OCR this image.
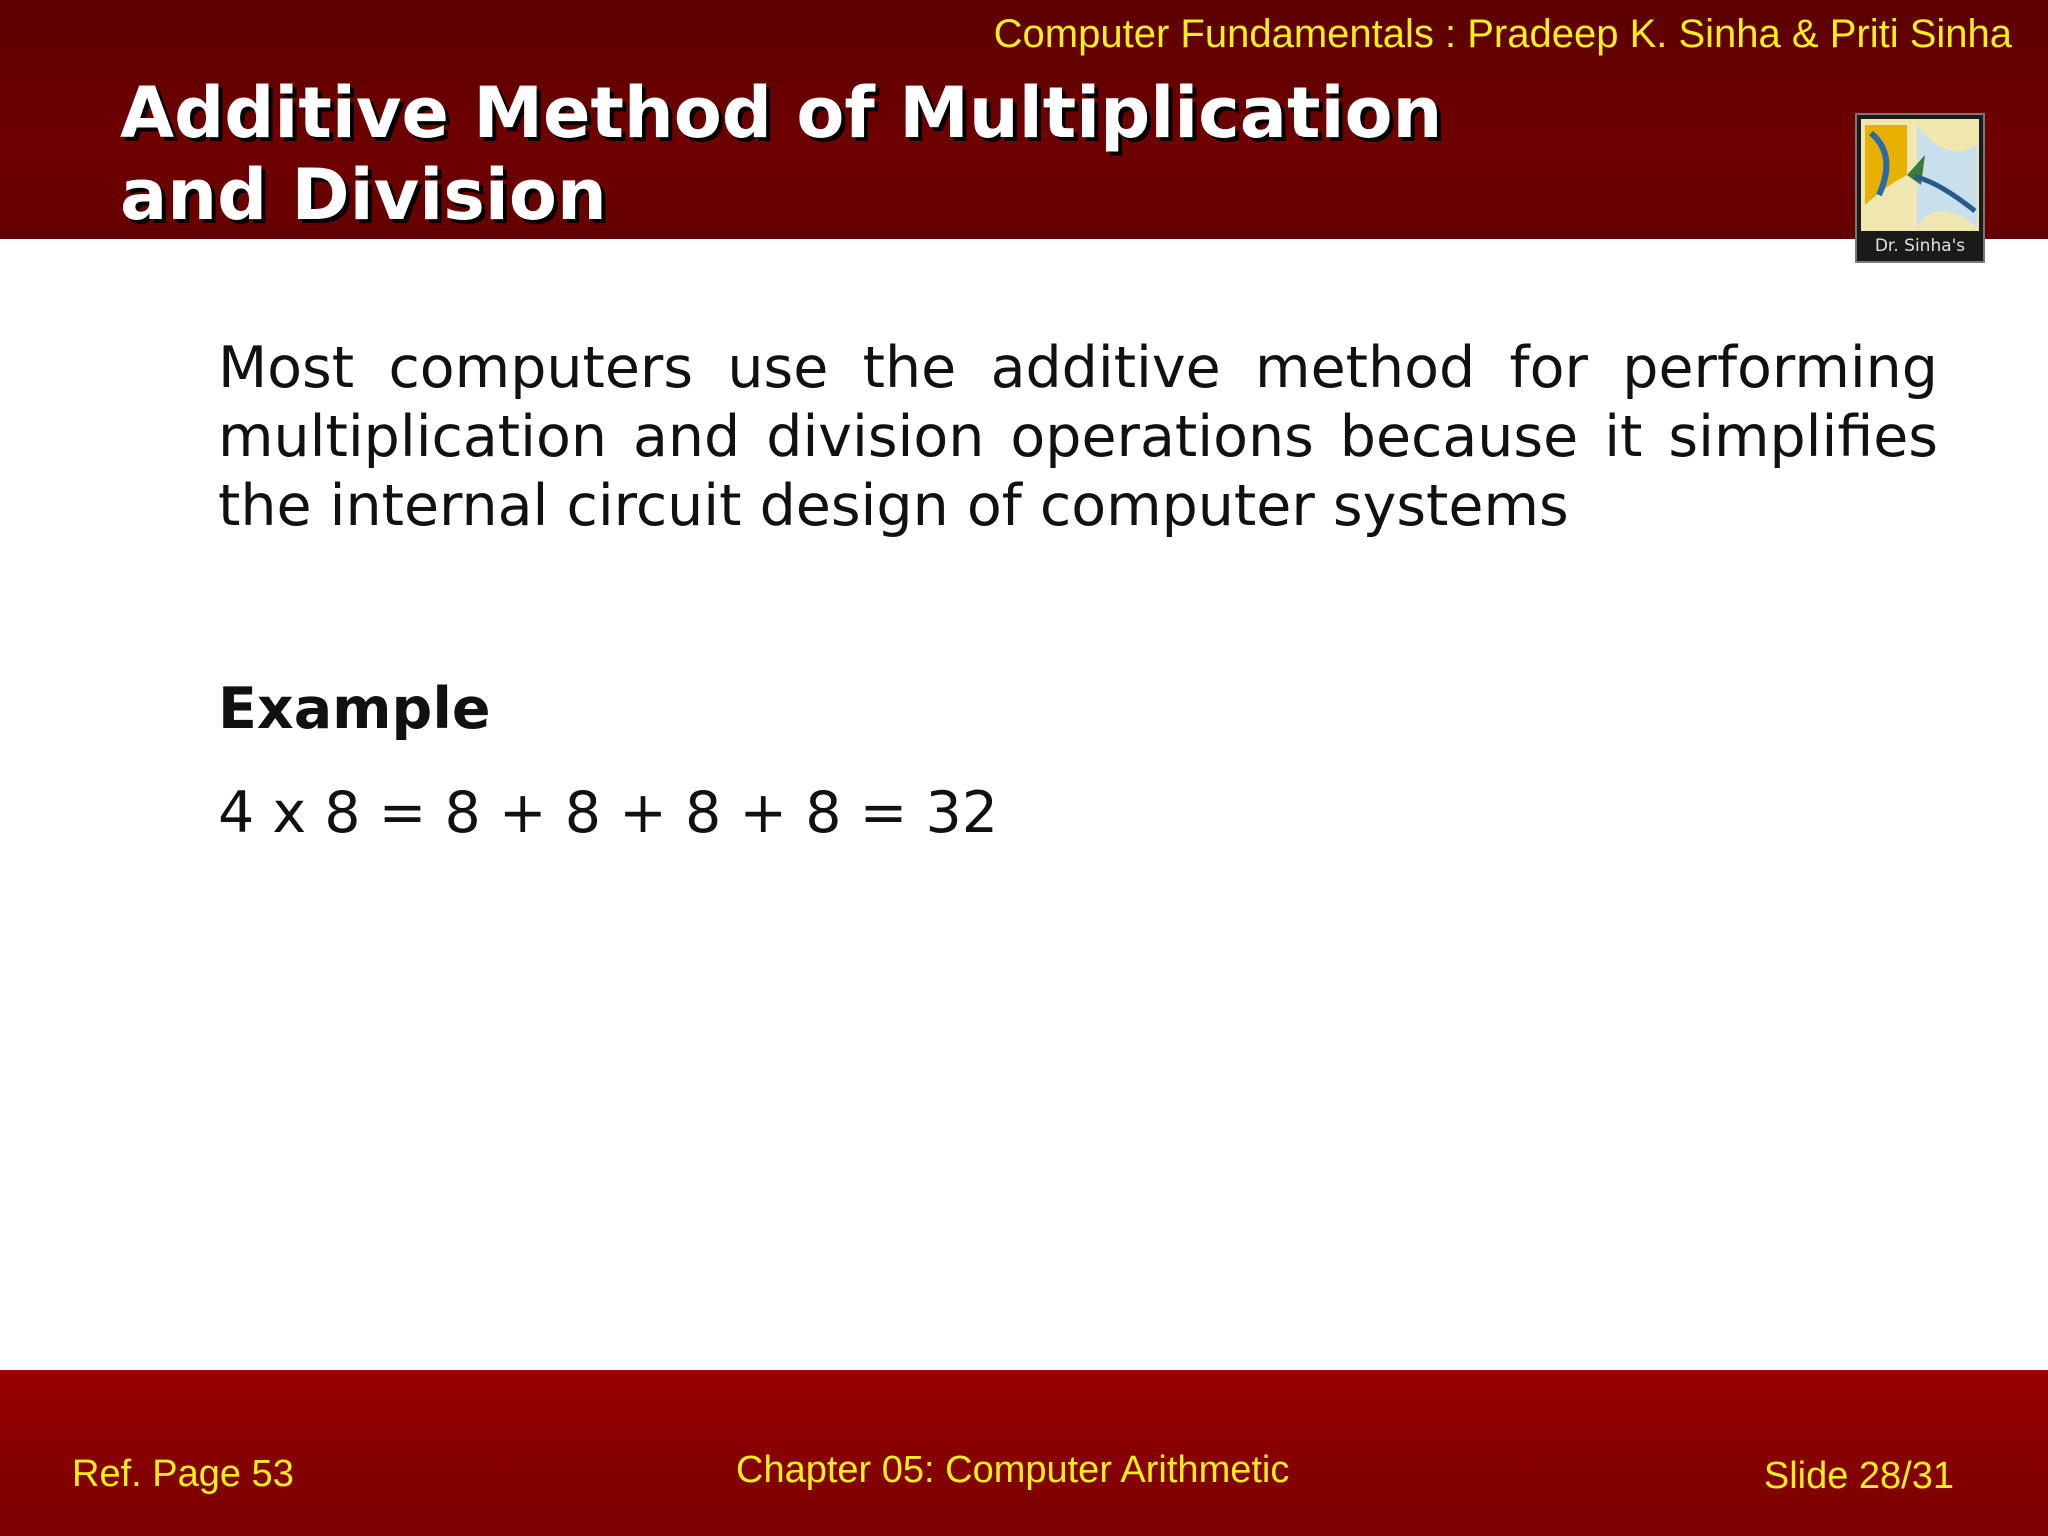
Computer Fundamentals : Pradeep K. Sinha & Priti Sinha
Additive Method of Multiplication
and Division
Dr. Sinha's

Most computers use the additive method for performing multiplication and division operations because it simplifies the internal circuit design of computer systems

Example

4 x 8 = 8 + 8 + 8 + 8 = 32

Ref. Page 53	Chapter 05: Computer Arithmetic	Slide 28/31
